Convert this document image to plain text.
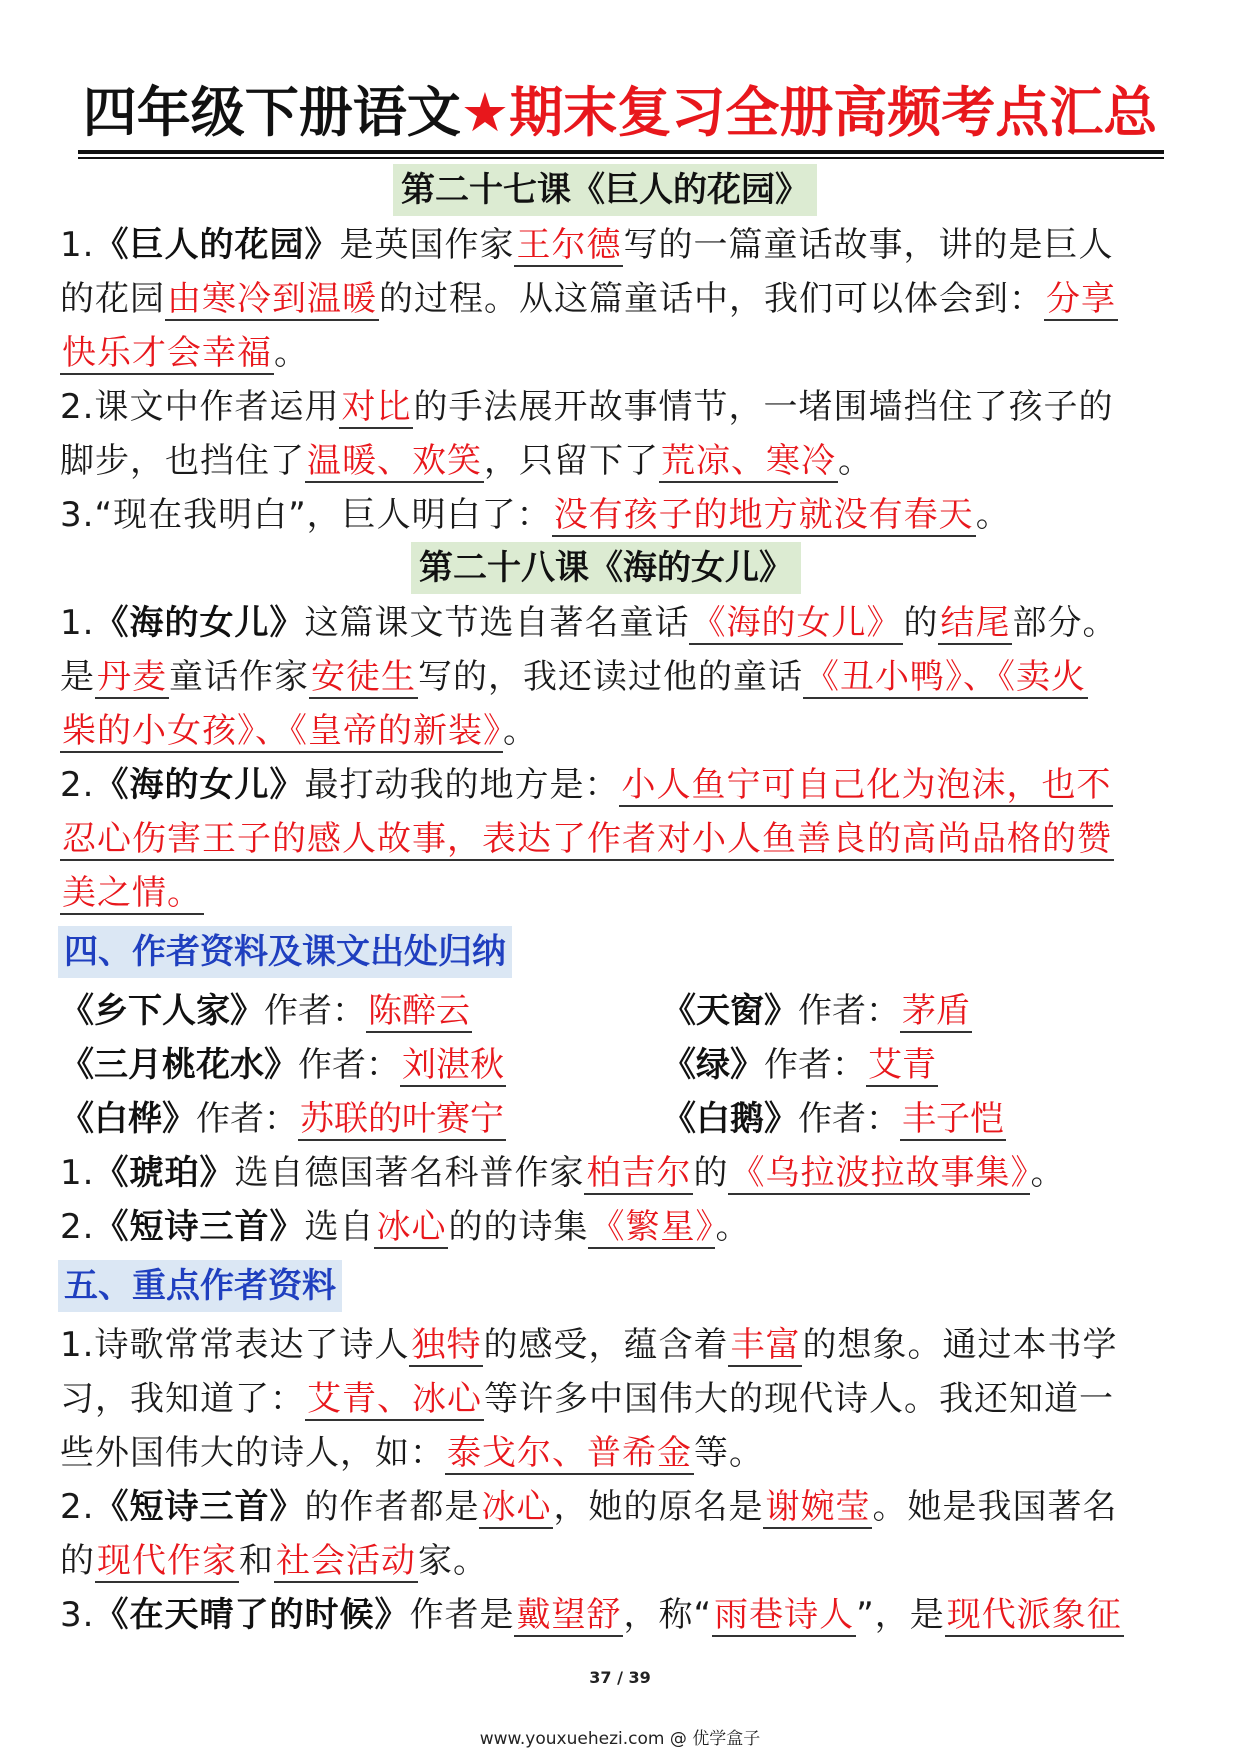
四年级下册语文★期末复习全册高频考点汇总
第二十七课《巨人的花园》
1.《巨人的花园》是英国作家王尔德写的一篇童话故事，讲的是巨人
的花园由寒冷到温暖的过程。从这篇童话中，我们可以体会到：分享
快乐才会幸福。
2.课文中作者运用对比的手法展开故事情节，一堵围墙挡住了孩子的
脚步，也挡住了温暖、欢笑，只留下了荒凉、寒冷。
3.“现在我明白”，巨人明白了：没有孩子的地方就没有春天。
第二十八课《海的女儿》
1.《海的女儿》这篇课文节选自著名童话《海的女儿》的结尾部分。
是丹麦童话作家安徒生写的，我还读过他的童话《丑小鸭》、《卖火
柴的小女孩》、《皇帝的新装》。
2.《海的女儿》最打动我的地方是：小人鱼宁可自己化为泡沫，也不
忍心伤害王子的感人故事，表达了作者对小人鱼善良的高尚品格的赞
美之情。
四、作者资料及课文出处归纳
《乡下人家》作者：陈醉云	《天窗》作者：茅盾
《三月桃花水》作者：刘湛秋	《绿》作者：艾青
《白桦》作者：苏联的叶赛宁	《白鹅》作者：丰子恺
1.《琥珀》选自德国著名科普作家柏吉尔的《乌拉波拉故事集》。
2.《短诗三首》选自冰心的的诗集《繁星》。
五、重点作者资料
1.诗歌常常表达了诗人独特的感受，蕴含着丰富的想象。通过本书学
习，我知道了：艾青、冰心等许多中国伟大的现代诗人。我还知道一
些外国伟大的诗人，如：泰戈尔、普希金等。
2.《短诗三首》的作者都是冰心，她的原名是谢婉莹。她是我国著名
的现代作家和社会活动家。
3.《在天晴了的时候》作者是戴望舒，称“雨巷诗人”，是现代派象征
37 / 39
www.youxuehezi.com @ 优学盒子
